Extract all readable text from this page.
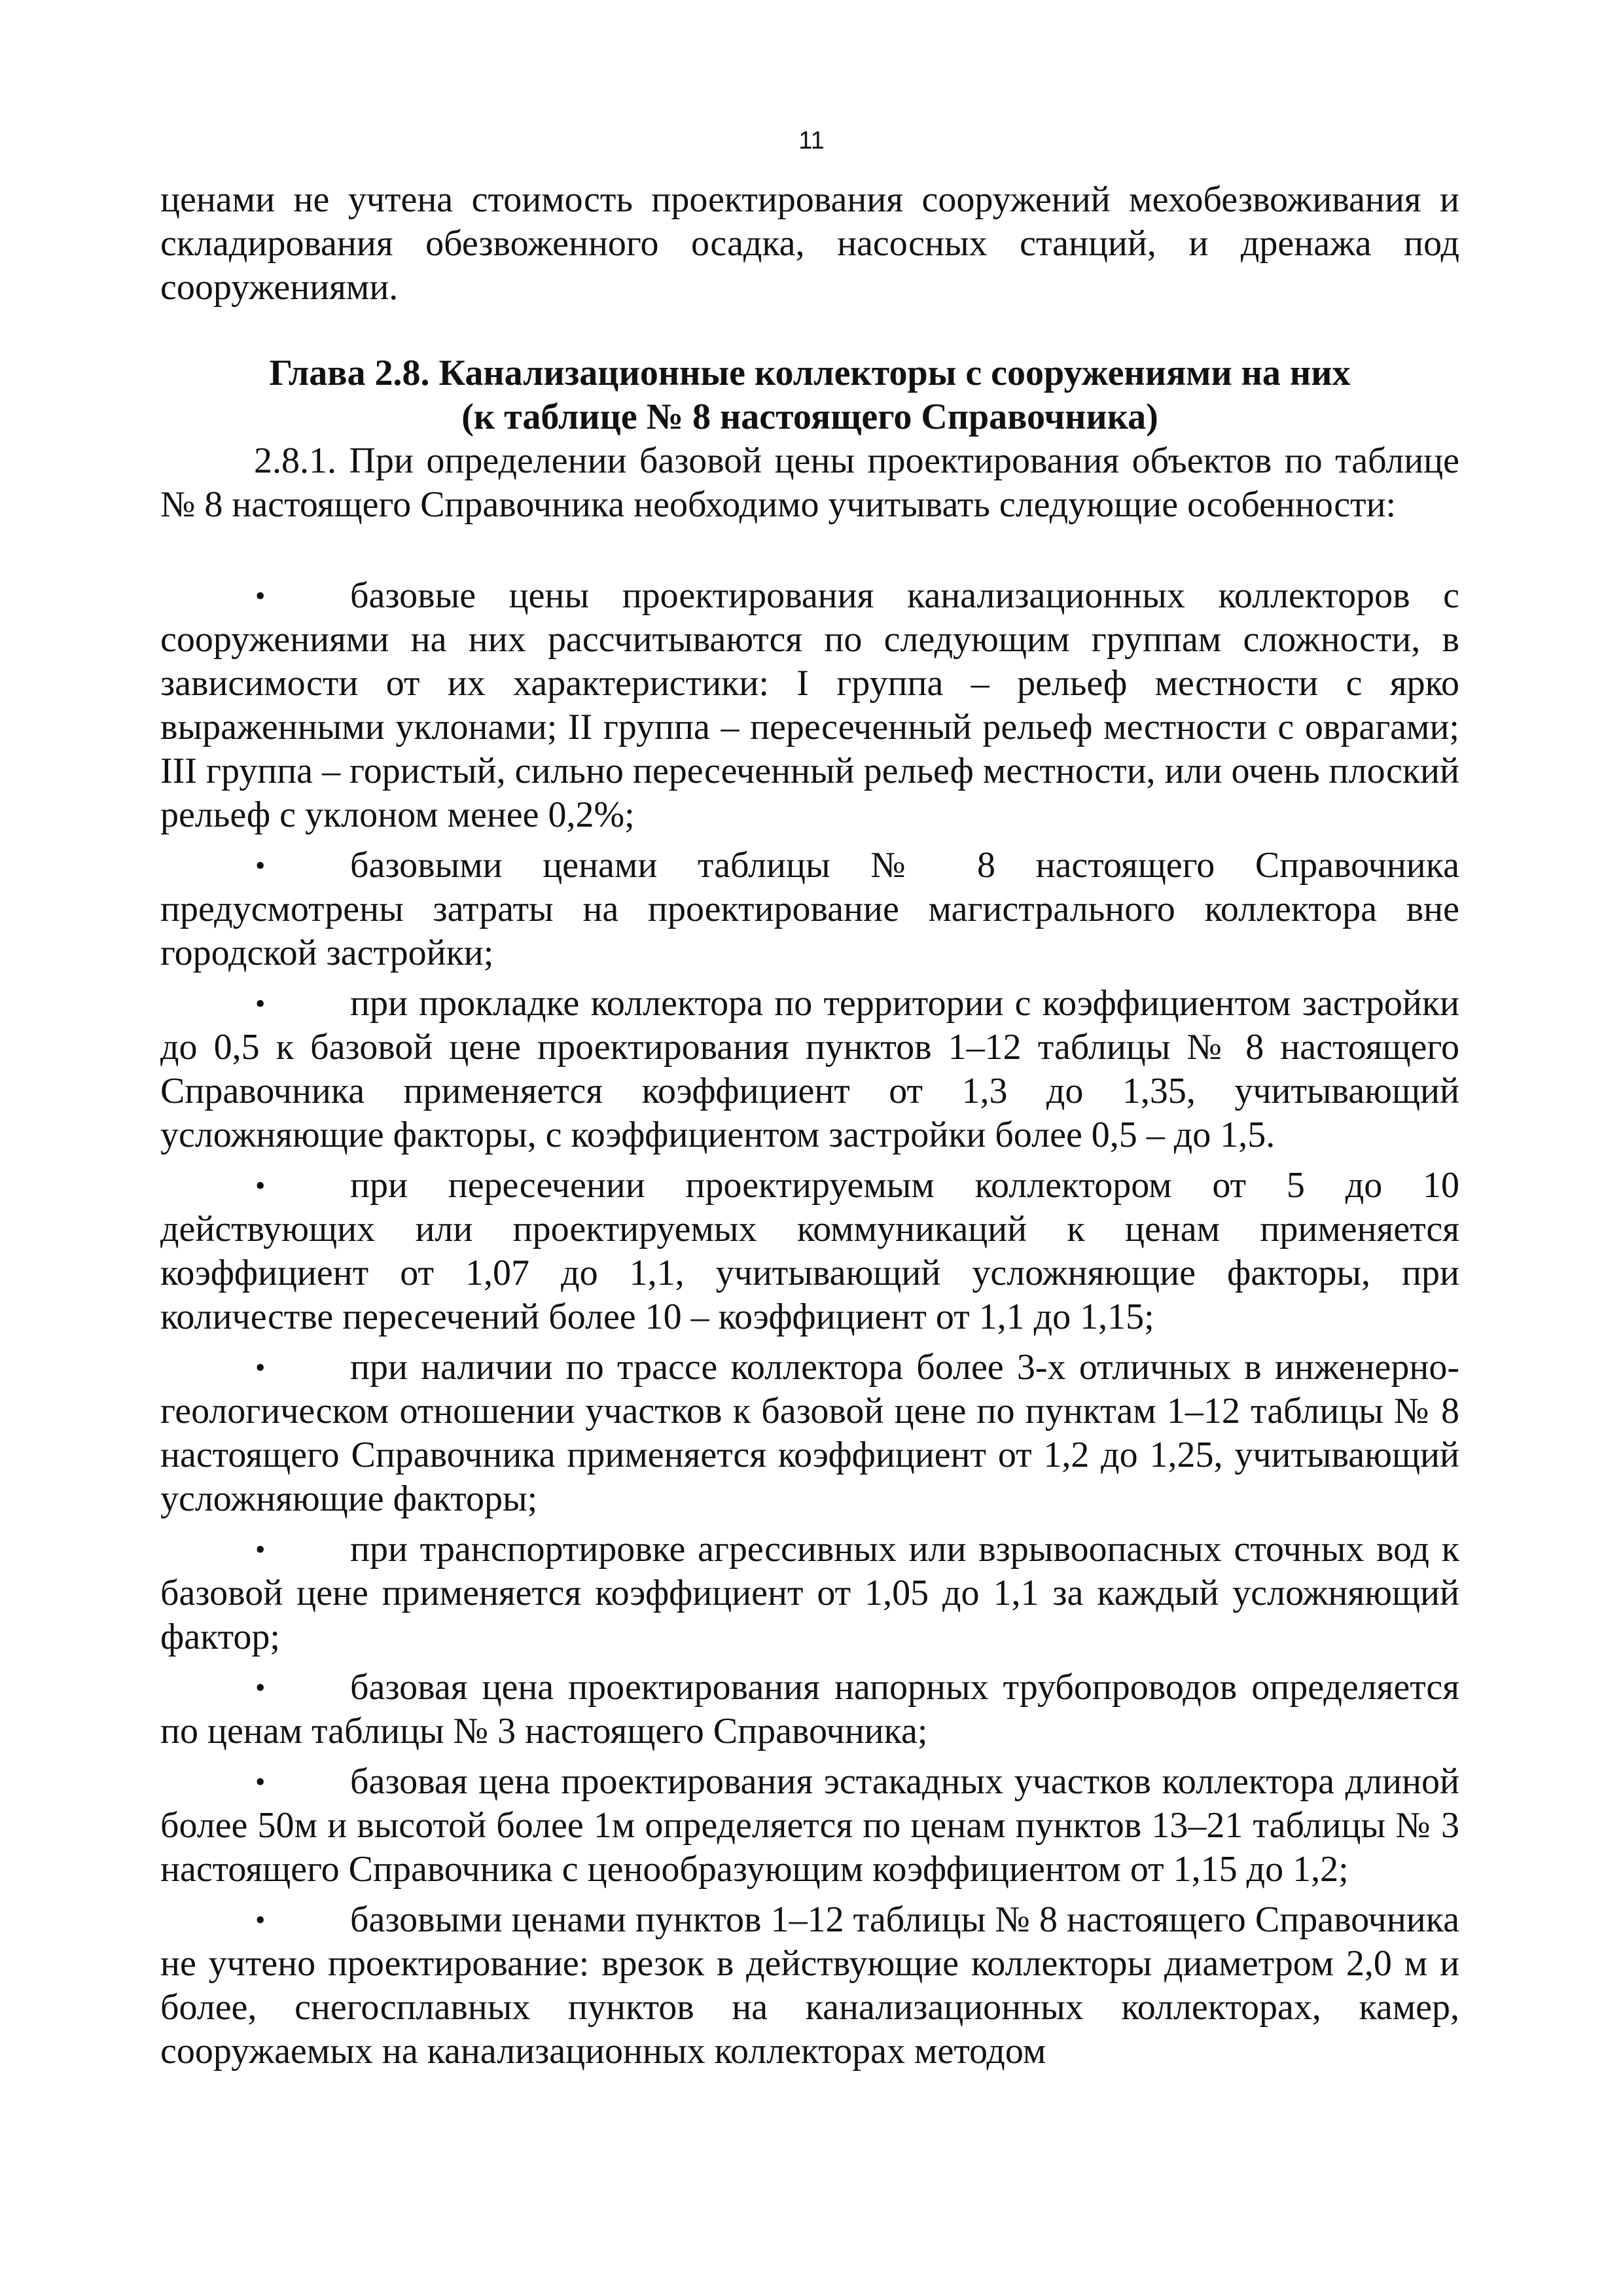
11

ценами не учтена стоимость проектирования сооружений мехобезвоживания и складирования обезвоженного осадка, насосных станций, и дренажа под сооружениями.

Глава 2.8. Канализационные коллекторы с сооружениями на них
(к таблице № 8 настоящего Справочника)

2.8.1. При определении базовой цены проектирования объектов по таблице № 8 настоящего Справочника необходимо учитывать следующие особенности:

• базовые цены проектирования канализационных коллекторов с сооружениями на них рассчитываются по следующим группам сложности, в зависимости от их характеристики: I группа – рельеф местности с ярко выраженными уклонами; II группа – пересеченный рельеф местности с оврагами; III группа – гористый, сильно пересеченный рельеф местности, или очень плоский рельеф с уклоном менее 0,2%;
• базовыми ценами таблицы № 8 настоящего Справочника предусмотрены затраты на проектирование магистрального коллектора вне городской застройки;
• при прокладке коллектора по территории с коэффициентом застройки до 0,5 к базовой цене проектирования пунктов 1–12 таблицы № 8 настоящего Справочника применяется коэффициент от 1,3 до 1,35, учитывающий усложняющие факторы, с коэффициентом застройки более 0,5 – до 1,5.
• при пересечении проектируемым коллектором от 5 до 10 действующих или проектируемых коммуникаций к ценам применяется коэффициент от 1,07 до 1,1, учитывающий усложняющие факторы, при количестве пересечений более 10 – коэффициент от 1,1 до 1,15;
• при наличии по трассе коллектора более 3-х отличных в инженерно-геологическом отношении участков к базовой цене по пунктам 1–12 таблицы № 8 настоящего Справочника применяется коэффициент от 1,2 до 1,25, учитывающий усложняющие факторы;
• при транспортировке агрессивных или взрывоопасных сточных вод к базовой цене применяется коэффициент от 1,05 до 1,1 за каждый усложняющий фактор;
• базовая цена проектирования напорных трубопроводов определяется по ценам таблицы № 3 настоящего Справочника;
• базовая цена проектирования эстакадных участков коллектора длиной более 50м и высотой более 1м определяется по ценам пунктов 13–21 таблицы № 3 настоящего Справочника с ценообразующим коэффициентом от 1,15 до 1,2;
• базовыми ценами пунктов 1–12 таблицы № 8 настоящего Справочника не учтено проектирование: врезок в действующие коллекторы диаметром 2,0 м и более, снегосплавных пунктов на канализационных коллекторах, камер, сооружаемых на канализационных коллекторах методом
